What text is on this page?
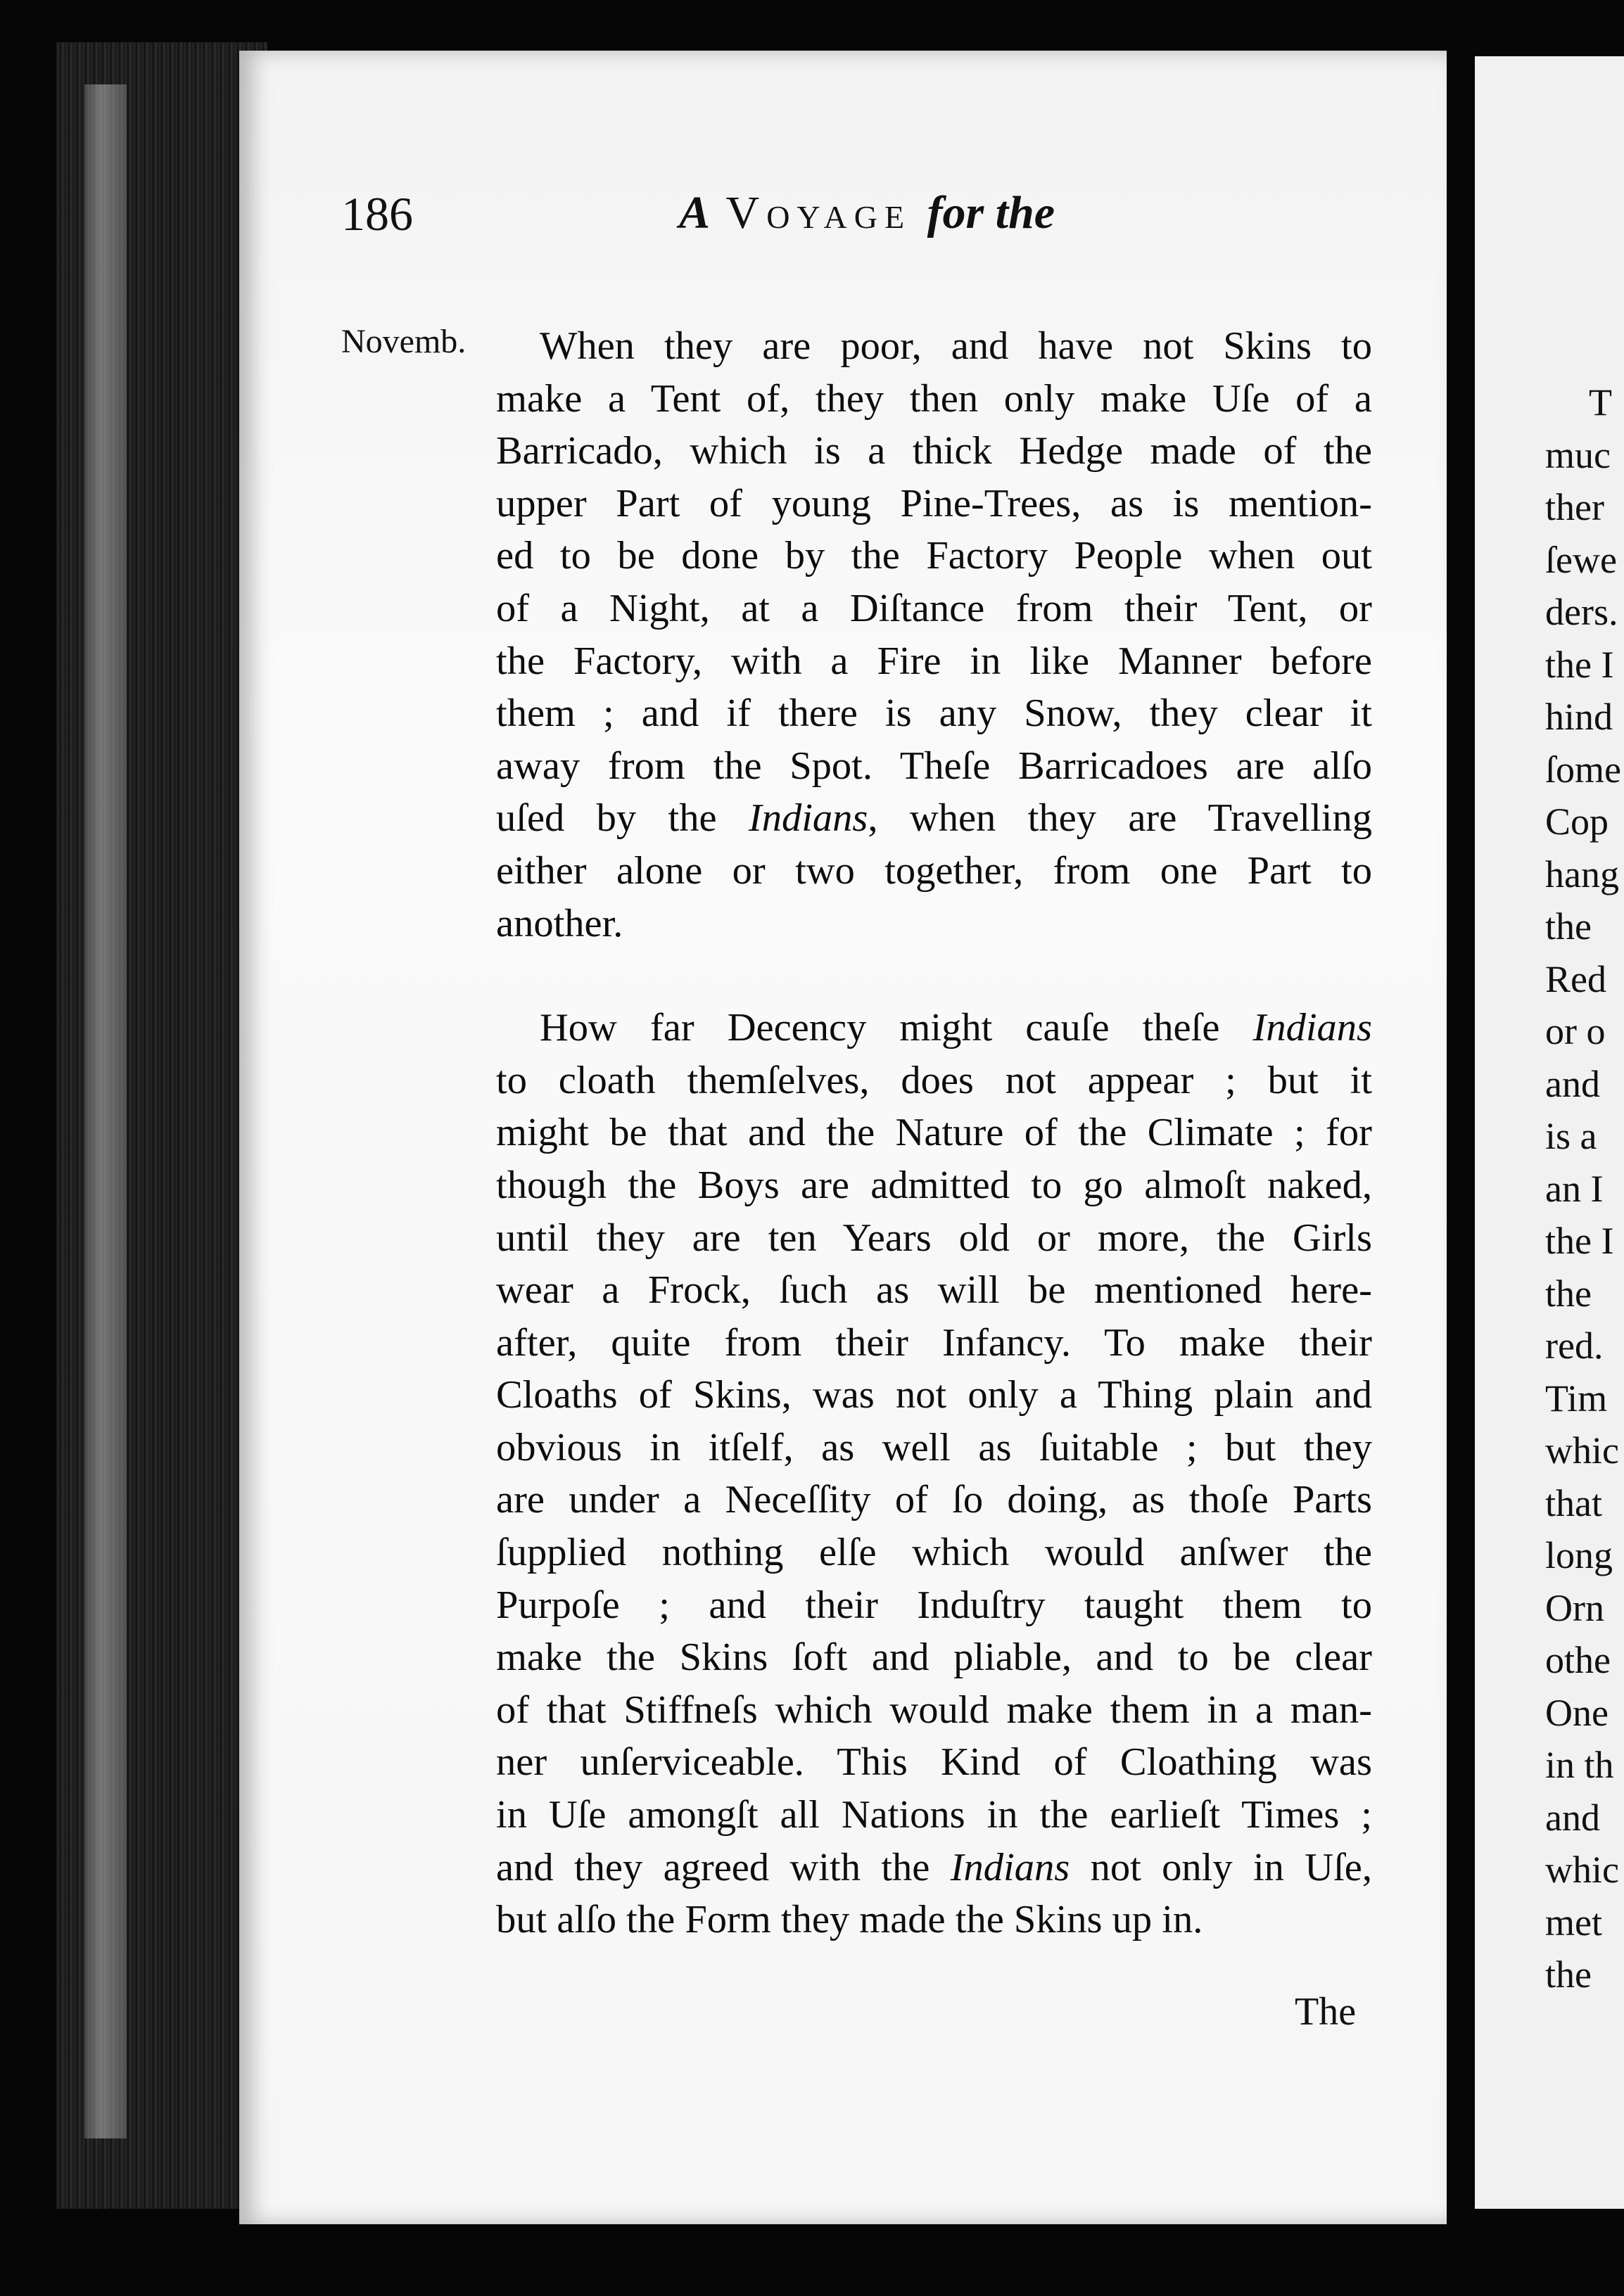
T
muc
ther
ſewe
ders.
the I
hind
ſome
Cop
hang
the
Red
or o
and
is a
an I
the I
the
red.
Tim
whic
that
long
Orn
othe
One
in th
and
whic
met
the
186	A Voyage for the
Novemb.	When they are poor, and have not Skins to
make a Tent of, they then only make Uſe of a
Barricado, which is a thick Hedge made of the
upper Part of young Pine-Trees, as is mention-
ed to be done by the Factory People when out
of a Night, at a Diſtance from their Tent, or
the Factory, with a Fire in like Manner before
them ; and if there is any Snow, they clear it
away from the Spot. Theſe Barricadoes are alſo
uſed by the Indians, when they are Travelling
either alone or two together, from one Part to
another.

How far Decency might cauſe theſe Indians
to cloath themſelves, does not appear ; but it
might be that and the Nature of the Climate ; for
though the Boys are admitted to go almoſt naked,
until they are ten Years old or more, the Girls
wear a Frock, ſuch as will be mentioned here-
after, quite from their Infancy. To make their
Cloaths of Skins, was not only a Thing plain and
obvious in itſelf, as well as ſuitable ; but they
are under a Neceſſity of ſo doing, as thoſe Parts
ſupplied nothing elſe which would anſwer the
Purpoſe ; and their Induſtry taught them to
make the Skins ſoft and pliable, and to be clear
of that Stiffneſs which would make them in a man-
ner unſerviceable. This Kind of Cloathing was
in Uſe amongſt all Nations in the earlieſt Times ;
and they agreed with the Indians not only in Uſe,
but alſo the Form they made the Skins up in.

The
